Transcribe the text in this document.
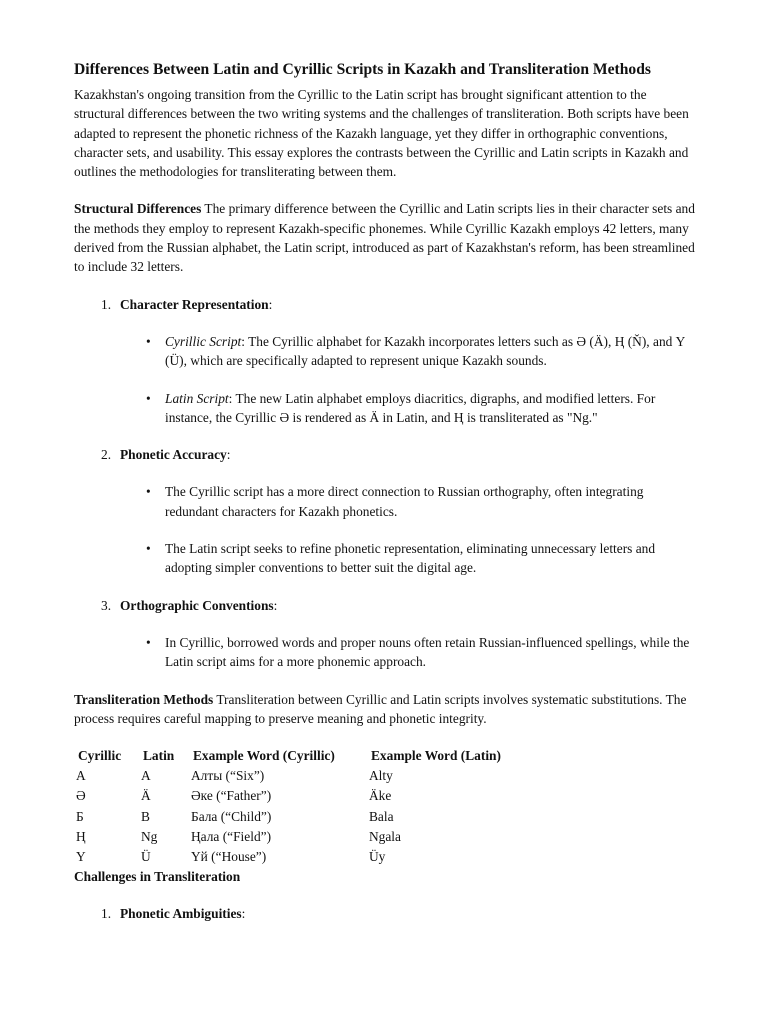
Differences Between Latin and Cyrillic Scripts in Kazakh and Transliteration Methods

Kazakhstan's ongoing transition from the Cyrillic to the Latin script has brought significant attention to the structural differences between the two writing systems and the challenges of transliteration. Both scripts have been adapted to represent the phonetic richness of the Kazakh language, yet they differ in orthographic conventions, character sets, and usability. This essay explores the contrasts between the Cyrillic and Latin scripts in Kazakh and outlines the methodologies for transliterating between them.

Structural Differences The primary difference between the Cyrillic and Latin scripts lies in their character sets and the methods they employ to represent Kazakh-specific phonemes. While Cyrillic Kazakh employs 42 letters, many derived from the Russian alphabet, the Latin script, introduced as part of Kazakhstan's reform, has been streamlined to include 32 letters.

1. Character Representation:
• Cyrillic Script: The Cyrillic alphabet for Kazakh incorporates letters such as Ә (Ä), Ң (Ň), and Ү (Ü), which are specifically adapted to represent unique Kazakh sounds.
• Latin Script: The new Latin alphabet employs diacritics, digraphs, and modified letters. For instance, the Cyrillic Ә is rendered as Ä in Latin, and Ң is transliterated as "Ng."
2. Phonetic Accuracy:
• The Cyrillic script has a more direct connection to Russian orthography, often integrating redundant characters for Kazakh phonetics.
• The Latin script seeks to refine phonetic representation, eliminating unnecessary letters and adopting simpler conventions to better suit the digital age.
3. Orthographic Conventions:
• In Cyrillic, borrowed words and proper nouns often retain Russian-influenced spellings, while the Latin script aims for a more phonemic approach.

Transliteration Methods Transliteration between Cyrillic and Latin scripts involves systematic substitutions. The process requires careful mapping to preserve meaning and phonetic integrity.

Cyrillic	Latin	Example Word (Cyrillic)	Example Word (Latin)
А	A	Алты (“Six”)	Alty
Ә	Ä	Әке (“Father”)	Äke
Б	B	Бала (“Child”)	Bala
Ң	Ng	Ңала (“Field”)	Ngala
Ү	Ü	Үй (“House”)	Üy
Challenges in Transliteration
1. Phonetic Ambiguities:
